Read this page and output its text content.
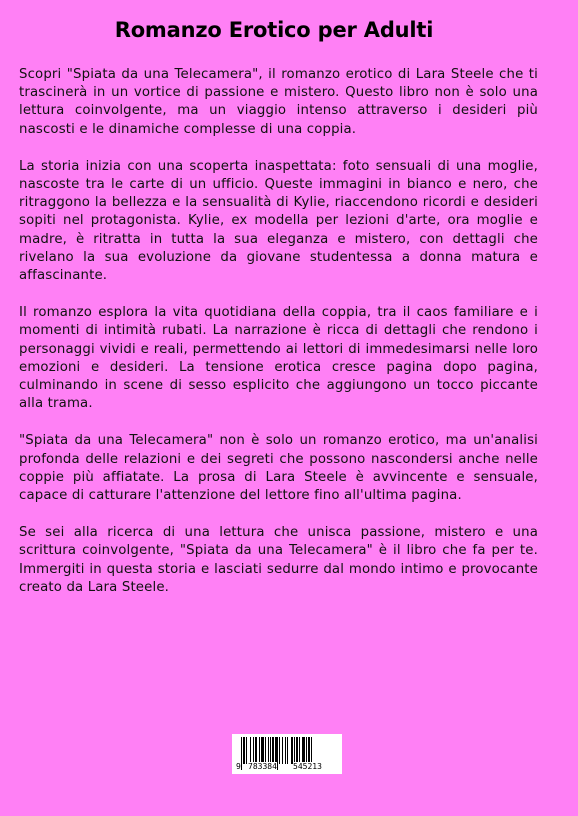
Romanzo Erotico per Adulti

Scopri "Spiata da una Telecamera", il romanzo erotico di Lara Steele che ti trascinerà in un vortice di passione e mistero. Questo libro non è solo una lettura coinvolgente, ma un viaggio intenso attraverso i desideri più nascosti e le dinamiche complesse di una coppia.

La storia inizia con una scoperta inaspettata: foto sensuali di una moglie, nascoste tra le carte di un ufficio. Queste immagini in bianco e nero, che ritraggono la bellezza e la sensualità di Kylie, riaccendono ricordi e desideri sopiti nel protagonista. Kylie, ex modella per lezioni d'arte, ora moglie e madre, è ritratta in tutta la sua eleganza e mistero, con dettagli che rivelano la sua evoluzione da giovane studentessa a donna matura e affascinante.

Il romanzo esplora la vita quotidiana della coppia, tra il caos familiare e i momenti di intimità rubati. La narrazione è ricca di dettagli che rendono i personaggi vividi e reali, permettendo ai lettori di immedesimarsi nelle loro emozioni e desideri. La tensione erotica cresce pagina dopo pagina, culminando in scene di sesso esplicito che aggiungono un tocco piccante alla trama.

"Spiata da una Telecamera" non è solo un romanzo erotico, ma un'analisi profonda delle relazioni e dei segreti che possono nascondersi anche nelle coppie più affiatate. La prosa di Lara Steele è avvincente e sensuale, capace di catturare l'attenzione del lettore fino all'ultima pagina.

Se sei alla ricerca di una lettura che unisca passione, mistero e una scrittura coinvolgente, "Spiata da una Telecamera" è il libro che fa per te. Immergiti in questa storia e lasciati sedurre dal mondo intimo e provocante creato da Lara Steele.

9 783384 545213
